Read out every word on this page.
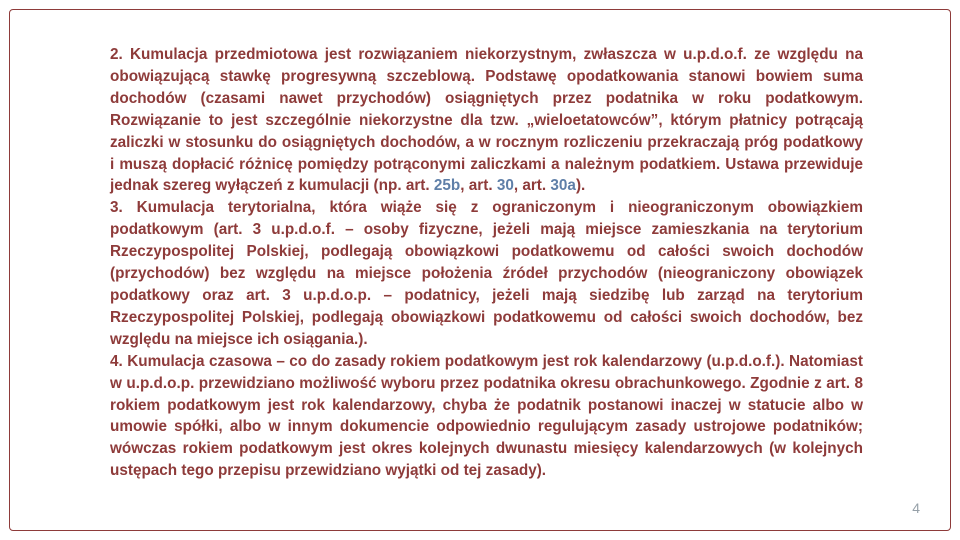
2. Kumulacja przedmiotowa jest rozwiązaniem niekorzystnym, zwłaszcza w u.p.d.o.f. ze względu na obowiązującą stawkę progresywną szczeblową. Podstawę opodatkowania stanowi bowiem suma dochodów (czasami nawet przychodów) osiągniętych przez podatnika w roku podatkowym. Rozwiązanie to jest szczególnie niekorzystne dla tzw. „wieloetatowców”, którym płatnicy potrącają zaliczki w stosunku do osiągniętych dochodów, a w rocznym rozliczeniu przekraczają próg podatkowy i muszą dopłacić różnicę pomiędzy potrąconymi zaliczkami a należnym podatkiem. Ustawa przewiduje jednak szereg wyłączeń z kumulacji (np. art. 25b, art. 30, art. 30a).

3. Kumulacja terytorialna, która wiąże się z ograniczonym i nieograniczonym obowiązkiem podatkowym (art. 3 u.p.d.o.f. – osoby fizyczne, jeżeli mają miejsce zamieszkania na terytorium Rzeczypospolitej Polskiej, podlegają obowiązkowi podatkowemu od całości swoich dochodów (przychodów) bez względu na miejsce położenia źródeł przychodów (nieograniczony obowiązek podatkowy oraz art. 3 u.p.d.o.p. – podatnicy, jeżeli mają siedzibę lub zarząd na terytorium Rzeczypospolitej Polskiej, podlegają obowiązkowi podatkowemu od całości swoich dochodów, bez względu na miejsce ich osiągania.).

4. Kumulacja czasowa – co do zasady rokiem podatkowym jest rok kalendarzowy (u.p.d.o.f.). Natomiast w u.p.d.o.p. przewidziano możliwość wyboru przez podatnika okresu obrachunkowego. Zgodnie z art. 8 rokiem podatkowym jest rok kalendarzowy, chyba że podatnik postanowi inaczej w statucie albo w umowie spółki, albo w innym dokumencie odpowiednio regulującym zasady ustrojowe podatników; wówczas rokiem podatkowym jest okres kolejnych dwunastu miesięcy kalendarzowych (w kolejnych ustępach tego przepisu przewidziano wyjątki od tej zasady).

4
